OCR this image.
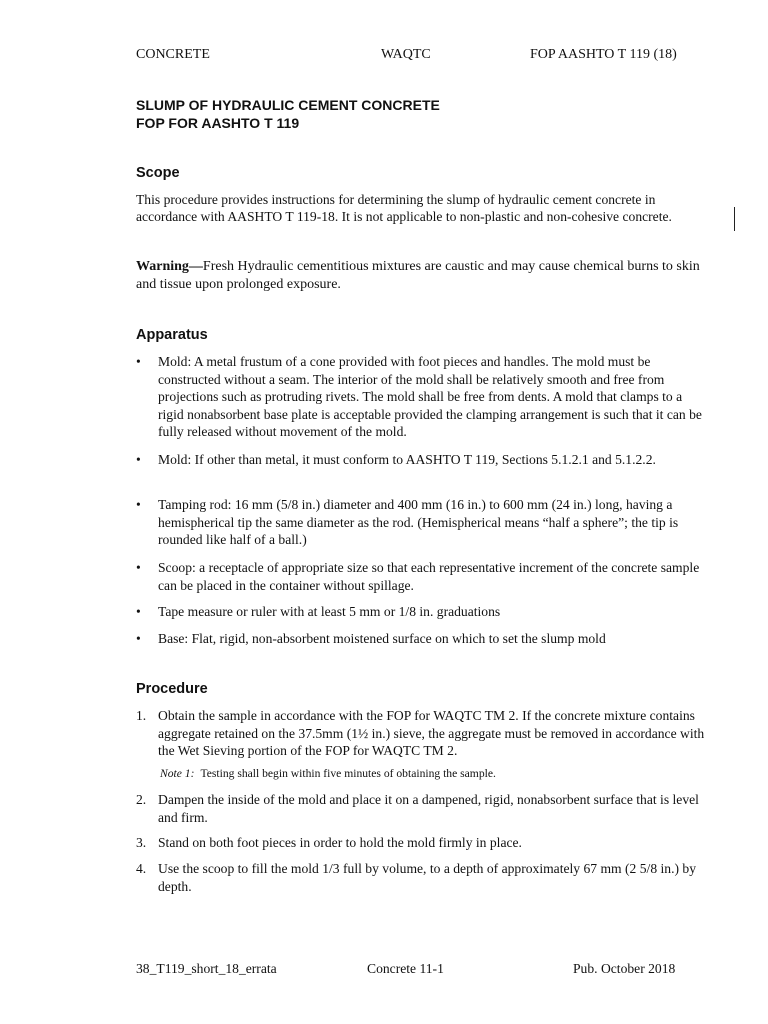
CONCRETE	WAQTC	FOP AASHTO T 119 (18)
SLUMP OF HYDRAULIC CEMENT CONCRETE
FOP FOR AASHTO T 119
Scope
This procedure provides instructions for determining the slump of hydraulic cement concrete in accordance with AASHTO T 119-18. It is not applicable to non-plastic and non-cohesive concrete.
Warning—Fresh Hydraulic cementitious mixtures are caustic and may cause chemical burns to skin and tissue upon prolonged exposure.
Apparatus
•	Mold: A metal frustum of a cone provided with foot pieces and handles. The mold must be constructed without a seam. The interior of the mold shall be relatively smooth and free from projections such as protruding rivets. The mold shall be free from dents. A mold that clamps to a rigid nonabsorbent base plate is acceptable provided the clamping arrangement is such that it can be fully released without movement of the mold.
•	Mold: If other than metal, it must conform to AASHTO T 119, Sections 5.1.2.1 and 5.1.2.2.
•	Tamping rod: 16 mm (5/8 in.) diameter and 400 mm (16 in.) to 600 mm (24 in.) long, having a hemispherical tip the same diameter as the rod. (Hemispherical means “half a sphere”; the tip is rounded like half of a ball.)
•	Scoop: a receptacle of appropriate size so that each representative increment of the concrete sample can be placed in the container without spillage.
•	Tape measure or ruler with at least 5 mm or 1/8 in. graduations
•	Base: Flat, rigid, non-absorbent moistened surface on which to set the slump mold
Procedure
1. Obtain the sample in accordance with the FOP for WAQTC TM 2. If the concrete mixture contains aggregate retained on the 37.5mm (1½ in.) sieve, the aggregate must be removed in accordance with the Wet Sieving portion of the FOP for WAQTC TM 2.
Note 1: Testing shall begin within five minutes of obtaining the sample.
2. Dampen the inside of the mold and place it on a dampened, rigid, nonabsorbent surface that is level and firm.
3. Stand on both foot pieces in order to hold the mold firmly in place.
4. Use the scoop to fill the mold 1/3 full by volume, to a depth of approximately 67 mm (2 5/8 in.) by depth.
38_T119_short_18_errata	Concrete 11-1	Pub. October 2018
